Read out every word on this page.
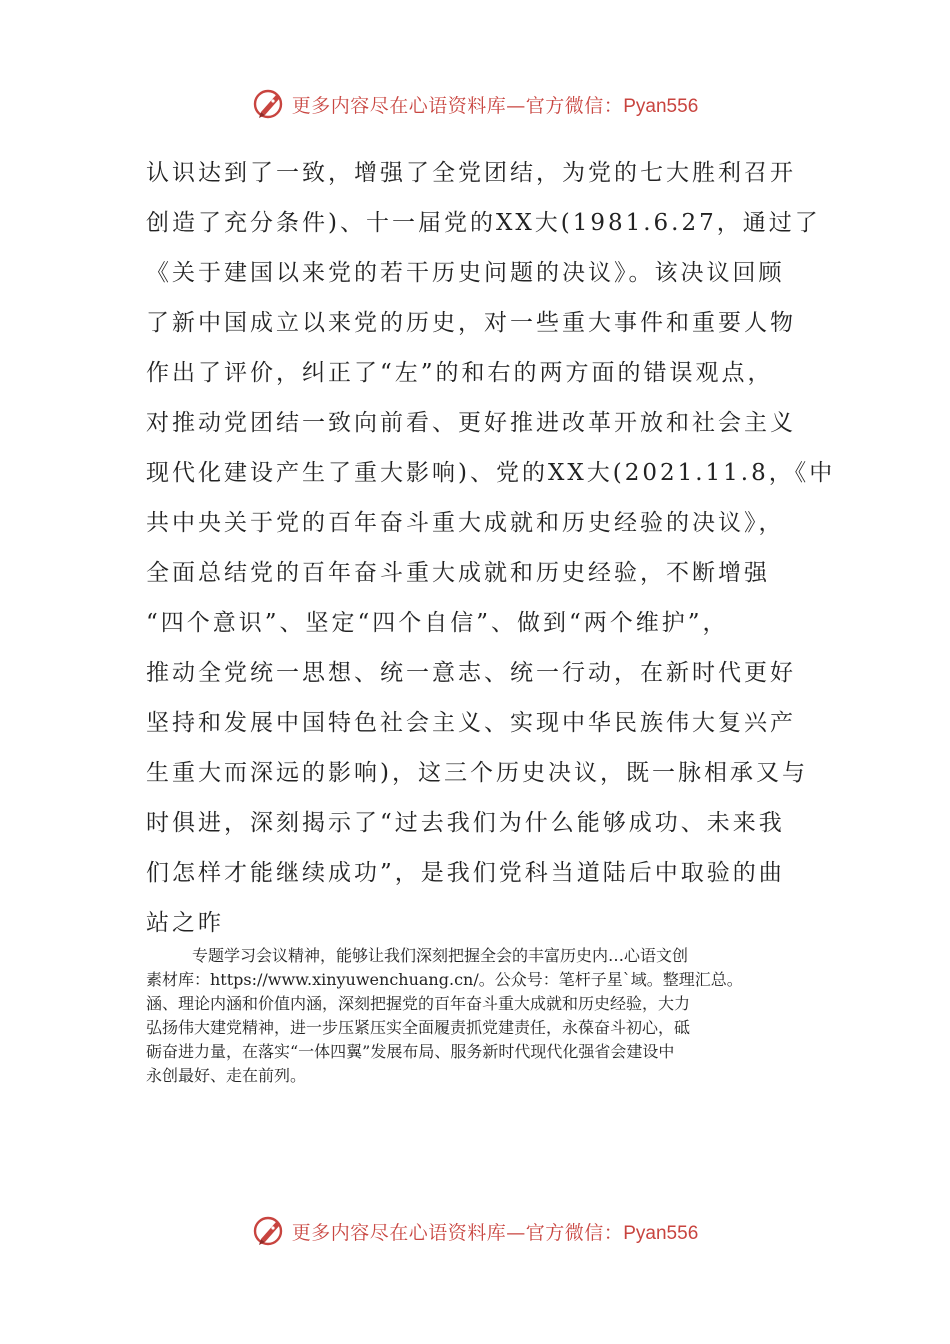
更多内容尽在心语资料库—官方微信：Pyan556
认识达到了一致，增强了全党团结，为党的七大胜利召开
创造了充分条件)、十一届党的XX大(1981.6.27，通过了
《关于建国以来党的若干历史问题的决议》。该决议回顾
了新中国成立以来党的历史，对一些重大事件和重要人物
作出了评价，纠正了“左”的和右的两方面的错误观点，
对推动党团结一致向前看、更好推进改革开放和社会主义
现代化建设产生了重大影响)、党的XX大(2021.11.8，《中
共中央关于党的百年奋斗重大成就和历史经验的决议》，
全面总结党的百年奋斗重大成就和历史经验，不断增强
“四个意识”、坚定“四个自信”、做到“两个维护”，
推动全党统一思想、统一意志、统一行动，在新时代更好
坚持和发展中国特色社会主义、实现中华民族伟大复兴产
生重大而深远的影响)，这三个历史决议，既一脉相承又与
时俱进，深刻揭示了“过去我们为什么能够成功、未来我
们怎样才能继续成功”，是我们党科当道陆后中取验的曲
站之昨
专题学习会议精神，能够让我们深刻把握全会的丰富历史内…心语文创
素材库：https://www.xinyuwenchuang.cn/。公众号：笔杆子星`域。整理汇总。
涵、理论内涵和价值内涵，深刻把握党的百年奋斗重大成就和历史经验，大力
弘扬伟大建党精神，进一步压紧压实全面履责抓党建责任，永葆奋斗初心，砥
砺奋进力量，在落实“一体四翼”发展布局、服务新时代现代化强省会建设中
永创最好、走在前列。
更多内容尽在心语资料库—官方微信：Pyan556
